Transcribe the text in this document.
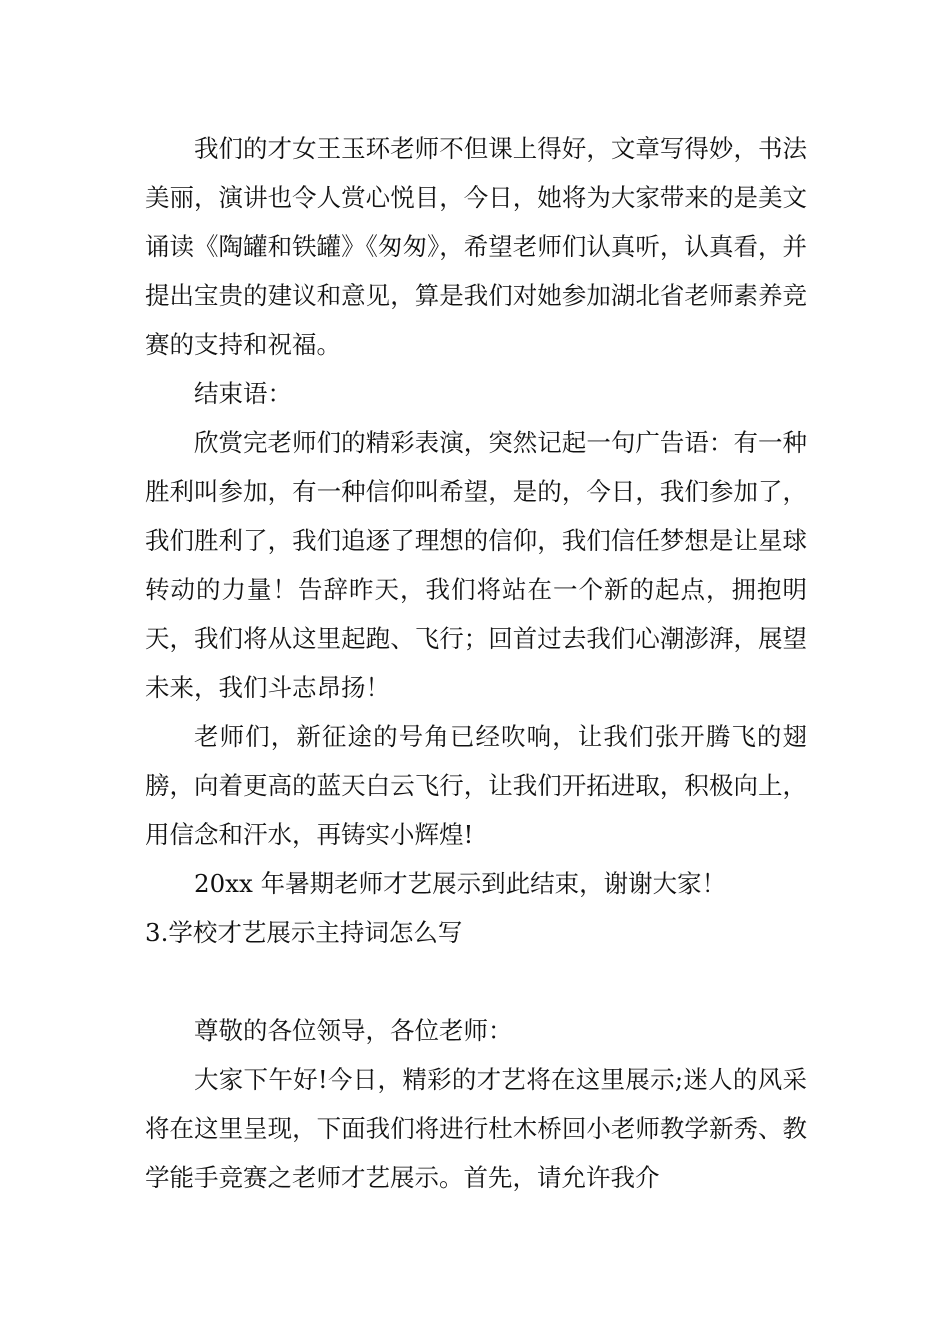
我们的才女王玉环老师不但课上得好，文章写得妙，书法美丽，演讲也令人赏心悦目，今日，她将为大家带来的是美文诵读《陶罐和铁罐》《匆匆》，希望老师们认真听，认真看，并提出宝贵的建议和意见，算是我们对她参加湖北省老师素养竞赛的支持和祝福。

结束语：

欣赏完老师们的精彩表演，突然记起一句广告语：有一种胜利叫参加，有一种信仰叫希望，是的，今日，我们参加了，我们胜利了，我们追逐了理想的信仰，我们信任梦想是让星球转动的力量！告辞昨天，我们将站在一个新的起点，拥抱明天，我们将从这里起跑、飞行；回首过去我们心潮澎湃，展望未来，我们斗志昂扬！

老师们，新征途的号角已经吹响，让我们张开腾飞的翅膀，向着更高的蓝天白云飞行，让我们开拓进取，积极向上，用信念和汗水，再铸实小辉煌!

20xx 年暑期老师才艺展示到此结束，谢谢大家！

3.学校才艺展示主持词怎么写

尊敬的各位领导，各位老师：

大家下午好!今日，精彩的才艺将在这里展示;迷人的风采将在这里呈现，下面我们将进行杜木桥回小老师教学新秀、教学能手竞赛之老师才艺展示。首先，请允许我介
